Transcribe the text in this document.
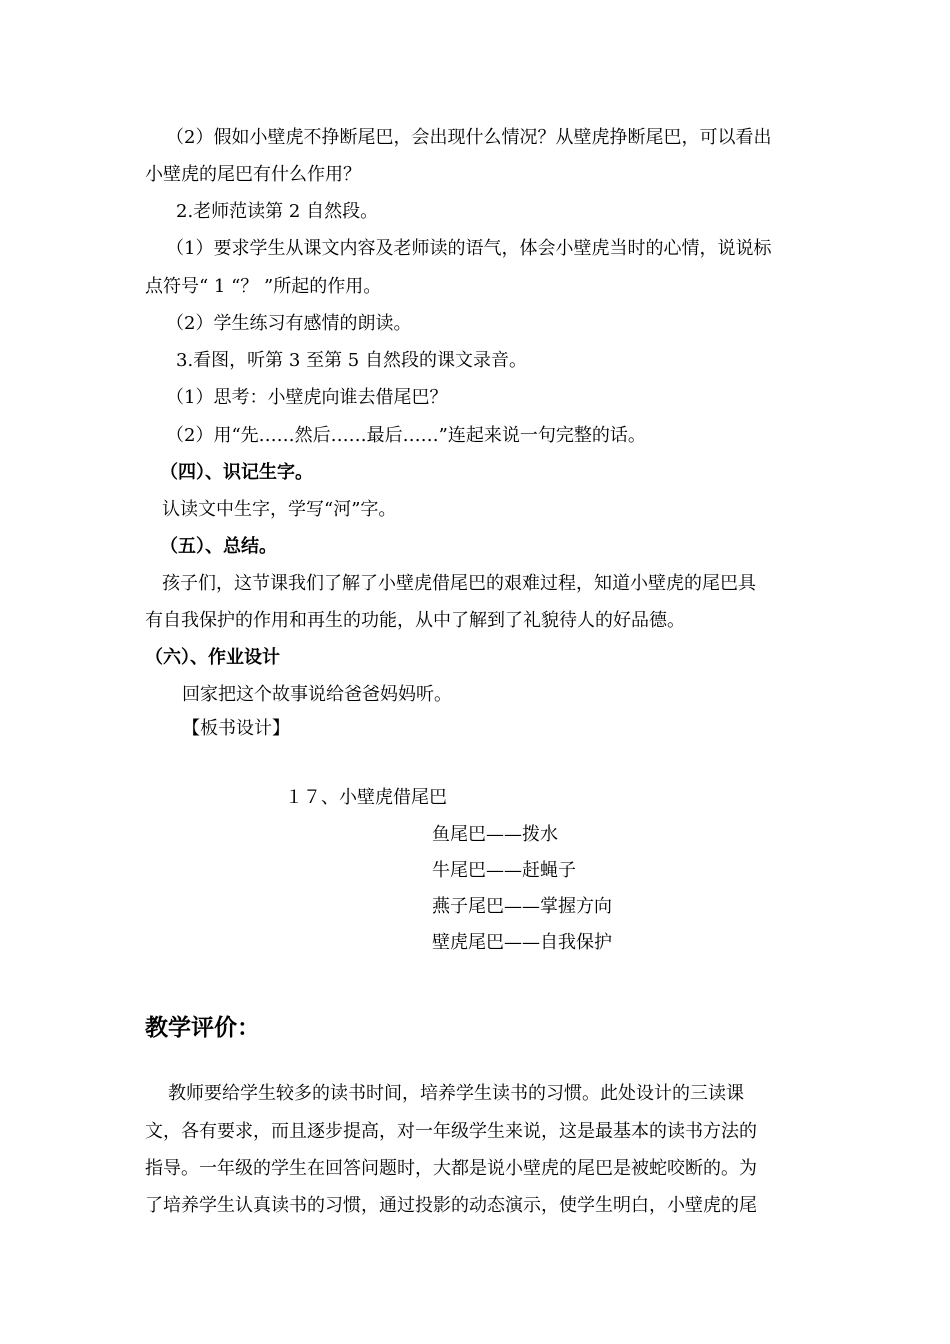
（2）假如小壁虎不挣断尾巴，会出现什么情况？从壁虎挣断尾巴，可以看出
小壁虎的尾巴有什么作用？
2.老师范读第 2 自然段。
（1）要求学生从课文内容及老师读的语气，体会小壁虎当时的心情，说说标
点符号“ 1 “？ ”所起的作用。
（2）学生练习有感情的朗读。
3.看图，听第 3 至第 5 自然段的课文录音。
（1）思考：小壁虎向谁去借尾巴？
（2）用“先……然后……最后……”连起来说一句完整的话。
（四）、识记生字。
认读文中生字，学写“河”字。
（五）、总结。
孩子们，这节课我们了解了小壁虎借尾巴的艰难过程，知道小壁虎的尾巴具
有自我保护的作用和再生的功能，从中了解到了礼貌待人的好品德。
（六）、作业设计
回家把这个故事说给爸爸妈妈听。
【板书设计】
１７、小壁虎借尾巴
鱼尾巴——拨水
牛尾巴——赶蝇子
燕子尾巴——掌握方向
壁虎尾巴——自我保护
教学评价：
教师要给学生较多的读书时间，培养学生读书的习惯。此处设计的三读课
文，各有要求，而且逐步提高，对一年级学生来说，这是最基本的读书方法的
指导。一年级的学生在回答问题时，大都是说小壁虎的尾巴是被蛇咬断的。为
了培养学生认真读书的习惯，通过投影的动态演示，使学生明白，小壁虎的尾
